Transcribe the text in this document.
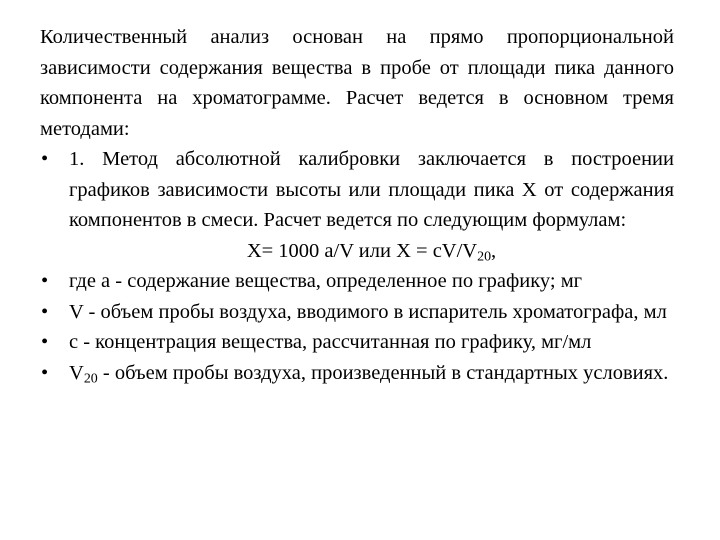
Количественный анализ основан на прямо пропорциональной зависимости содержания вещества в пробе от площади пика данного компонента на хроматограмме. Расчет ведется в основном тремя методами:

• 1. Метод абсолютной калибровки заключается в построении графиков зависимости высоты или площади пика X от содержания компонентов в смеси. Расчет ведется по следующим формулам:
X= 1000 a/V или $X = cV/V_{20}$,
• где a - содержание вещества, определенное по графику; мг
• V - объем пробы воздуха, вводимого в испаритель хроматографа, мл
• c - концентрация вещества, рассчитанная по графику, мг/мл
• $V_{20}$ - объем пробы воздуха, произведенный в стандартных условиях.
